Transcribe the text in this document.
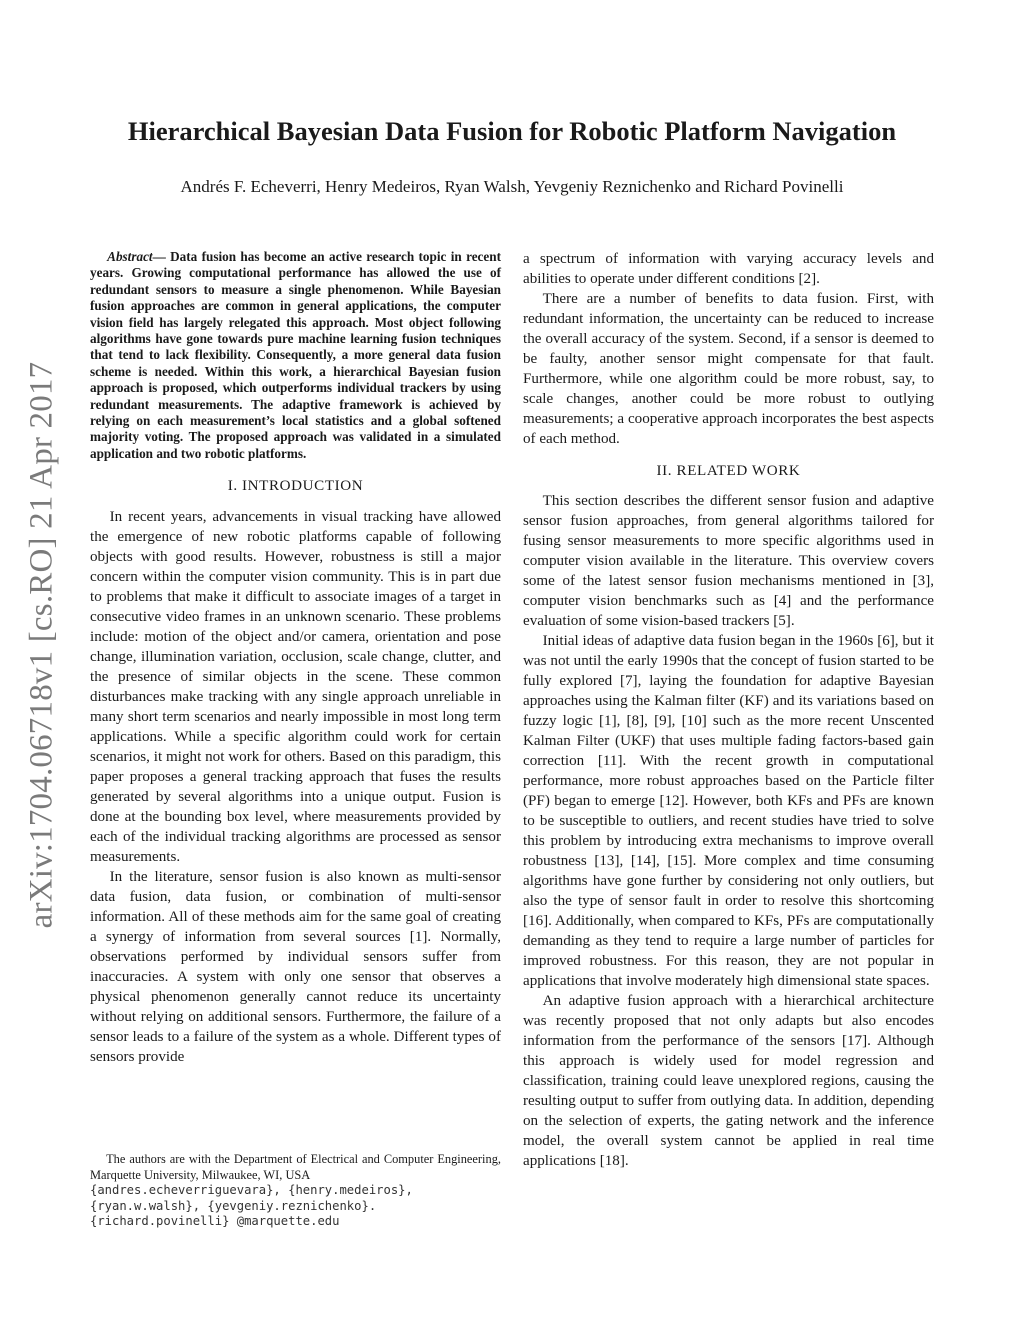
arXiv:1704.06718v1 [cs.RO] 21 Apr 2017
Hierarchical Bayesian Data Fusion for Robotic Platform Navigation
Andrés F. Echeverri, Henry Medeiros, Ryan Walsh, Yevgeniy Reznichenko and Richard Povinelli

Abstract— Data fusion has become an active research topic in recent years. Growing computational performance has allowed the use of redundant sensors to measure a single phenomenon. While Bayesian fusion approaches are common in general applications, the computer vision field has largely relegated this approach. Most object following algorithms have gone towards pure machine learning fusion techniques that tend to lack flexibility. Consequently, a more general data fusion scheme is needed. Within this work, a hierarchical Bayesian fusion approach is proposed, which outperforms individual trackers by using redundant measurements. The adaptive framework is achieved by relying on each measurement’s local statistics and a global softened majority voting. The proposed approach was validated in a simulated application and two robotic platforms.

I. INTRODUCTION

In recent years, advancements in visual tracking have allowed the emergence of new robotic platforms capable of following objects with good results. However, robustness is still a major concern within the computer vision community. This is in part due to problems that make it difficult to associate images of a target in consecutive video frames in an unknown scenario. These problems include: motion of the object and/or camera, orientation and pose change, illumination variation, occlusion, scale change, clutter, and the presence of similar objects in the scene. These common disturbances make tracking with any single approach unreliable in many short term scenarios and nearly impossible in most long term applications. While a specific algorithm could work for certain scenarios, it might not work for others. Based on this paradigm, this paper proposes a general tracking approach that fuses the results generated by several algorithms into a unique output. Fusion is done at the bounding box level, where measurements provided by each of the individual tracking algorithms are processed as sensor measurements.

In the literature, sensor fusion is also known as multi-sensor data fusion, data fusion, or combination of multi-sensor information. All of these methods aim for the same goal of creating a synergy of information from several sources [1]. Normally, observations performed by individual sensors suffer from inaccuracies. A system with only one sensor that observes a physical phenomenon generally cannot reduce its uncertainty without relying on additional sensors. Furthermore, the failure of a sensor leads to a failure of the system as a whole. Different types of sensors provide

The authors are with the Department of Electrical and Computer Engineering, Marquette University, Milwaukee, WI, USA

{andres.echeverriguevara}, {henry.medeiros}, {ryan.w.walsh}, {yevgeniy.reznichenko}. {richard.povinelli} @marquette.edu

a spectrum of information with varying accuracy levels and abilities to operate under different conditions [2].

There are a number of benefits to data fusion. First, with redundant information, the uncertainty can be reduced to increase the overall accuracy of the system. Second, if a sensor is deemed to be faulty, another sensor might compensate for that fault. Furthermore, while one algorithm could be more robust, say, to scale changes, another could be more robust to outlying measurements; a cooperative approach incorporates the best aspects of each method.

II. RELATED WORK

This section describes the different sensor fusion and adaptive sensor fusion approaches, from general algorithms tailored for fusing sensor measurements to more specific algorithms used in computer vision available in the literature. This overview covers some of the latest sensor fusion mechanisms mentioned in [3], computer vision benchmarks such as [4] and the performance evaluation of some vision-based trackers [5].

Initial ideas of adaptive data fusion began in the 1960s [6], but it was not until the early 1990s that the concept of fusion started to be fully explored [7], laying the foundation for adaptive Bayesian approaches using the Kalman filter (KF) and its variations based on fuzzy logic [1], [8], [9], [10] such as the more recent Unscented Kalman Filter (UKF) that uses multiple fading factors-based gain correction [11]. With the recent growth in computational performance, more robust approaches based on the Particle filter (PF) began to emerge [12]. However, both KFs and PFs are known to be susceptible to outliers, and recent studies have tried to solve this problem by introducing extra mechanisms to improve overall robustness [13], [14], [15]. More complex and time consuming algorithms have gone further by considering not only outliers, but also the type of sensor fault in order to resolve this shortcoming [16]. Additionally, when compared to KFs, PFs are computationally demanding as they tend to require a large number of particles for improved robustness. For this reason, they are not popular in applications that involve moderately high dimensional state spaces.

An adaptive fusion approach with a hierarchical architecture was recently proposed that not only adapts but also encodes information from the performance of the sensors [17]. Although this approach is widely used for model regression and classification, training could leave unexplored regions, causing the resulting output to suffer from outlying data. In addition, depending on the selection of experts, the gating network and the inference model, the overall system cannot be applied in real time applications [18].
